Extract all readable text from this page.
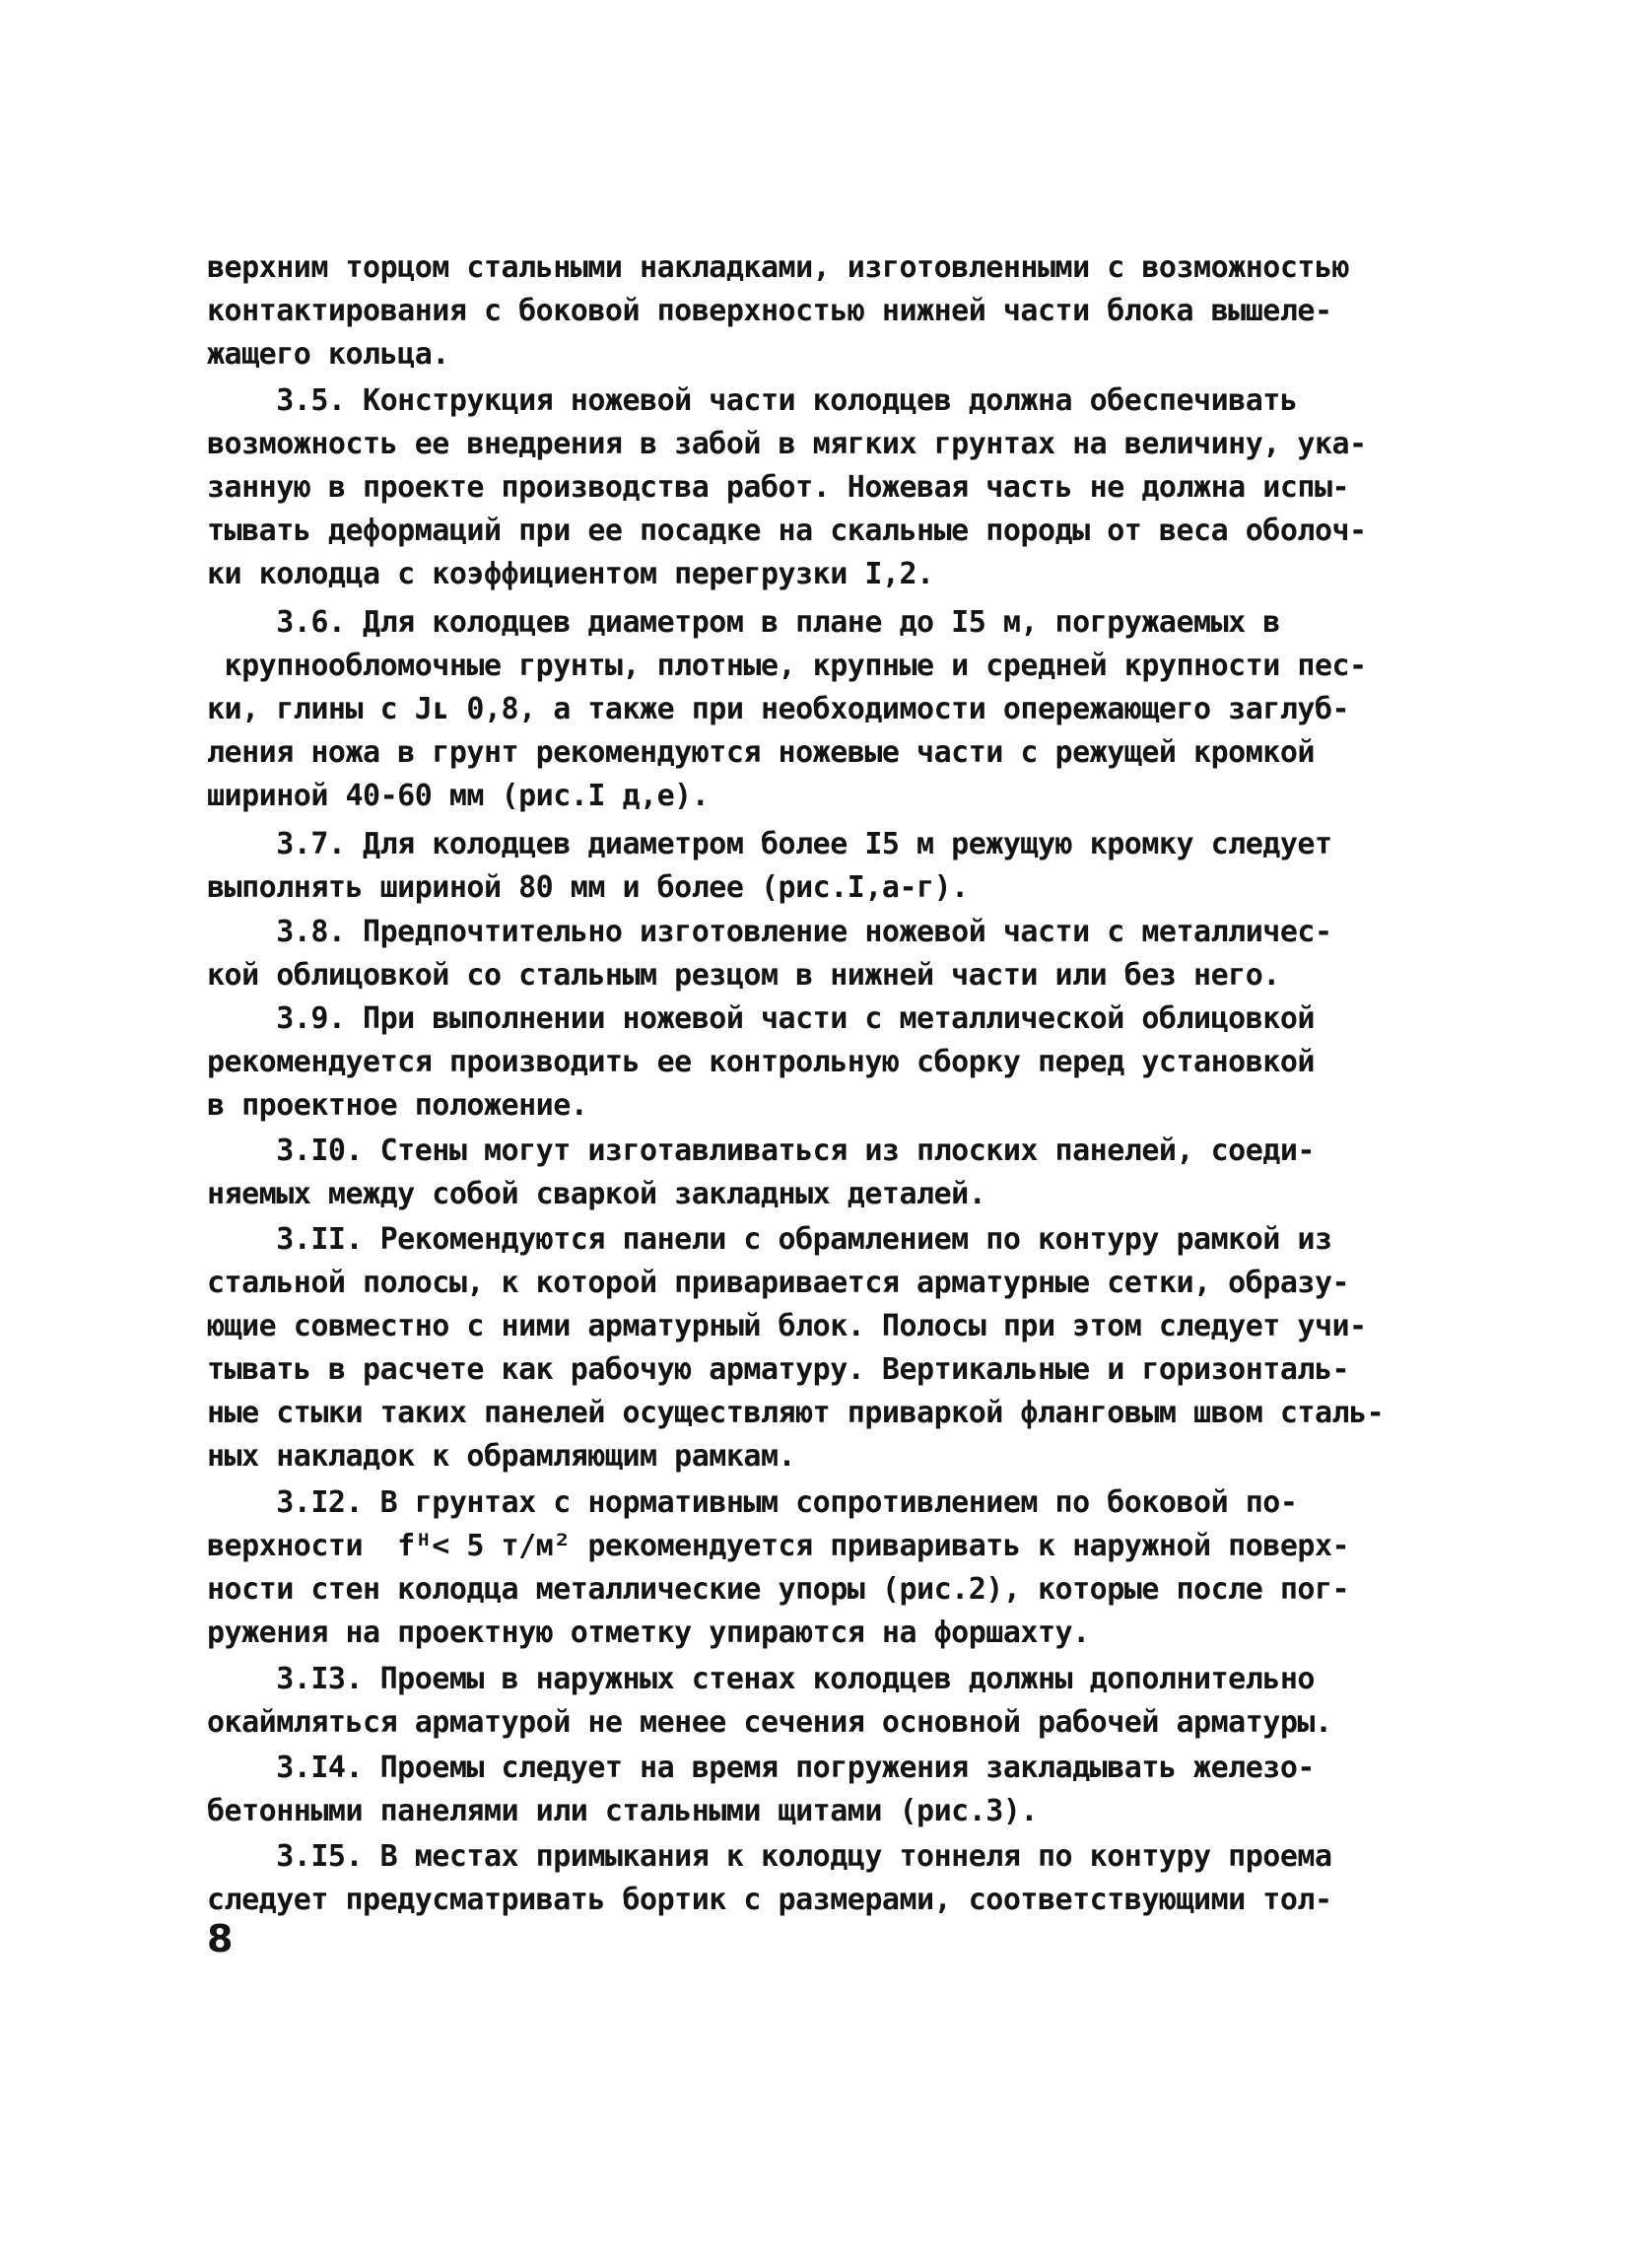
верхним торцом стальными накладками, изготовленными с возможностью
контактирования с боковой поверхностью нижней части блока вышеле-
жащего кольца.
3.5. Конструкция ножевой части колодцев должна обеспечивать
возможность ее внедрения в забой в мягких грунтах на величину, ука-
занную в проекте производства работ. Ножевая часть не должна испы-
тывать деформаций при ее посадке на скальные породы от веса оболоч-
ки колодца с коэффициентом перегрузки I,2.
3.6. Для колодцев диаметром в плане до I5 м, погружаемых в
крупнообломочные грунты, плотные, крупные и средней крупности пес-
ки, глины с Jʟ 0,8, а также при необходимости опережающего заглуб-
ления ножа в грунт рекомендуются ножевые части с режущей кромкой
шириной 40-60 мм (рис.I д,е).
3.7. Для колодцев диаметром более I5 м режущую кромку следует
выполнять шириной 80 мм и более (рис.I,а-г).
3.8. Предпочтительно изготовление ножевой части с металличес-
кой облицовкой со стальным резцом в нижней части или без него.
3.9. При выполнении ножевой части с металлической облицовкой
рекомендуется производить ее контрольную сборку перед установкой
в проектное положение.
3.I0. Стены могут изготавливаться из плоских панелей, соеди-
няемых между собой сваркой закладных деталей.
3.II. Рекомендуются панели с обрамлением по контуру рамкой из
стальной полосы, к которой приваривается арматурные сетки, образу-
ющие совместно с ними арматурный блок. Полосы при этом следует учи-
тывать в расчете как рабочую арматуру. Вертикальные и горизонталь-
ные стыки таких панелей осуществляют приваркой фланговым швом сталь-
ных накладок к обрамляющим рамкам.
3.I2. В грунтах с нормативным сопротивлением по боковой по-
верхности  fᴴ< 5 т/м² рекомендуется приваривать к наружной поверх-
ности стен колодца металлические упоры (рис.2), которые после пог-
ружения на проектную отметку упираются на форшахту.
3.I3. Проемы в наружных стенах колодцев должны дополнительно
окаймляться арматурой не менее сечения основной рабочей арматуры.
3.I4. Проемы следует на время погружения закладывать железо-
бетонными панелями или стальными щитами (рис.3).
3.I5. В местах примыкания к колодцу тоннеля по контуру проема
следует предусматривать бортик с размерами, соответствующими тол-
8
